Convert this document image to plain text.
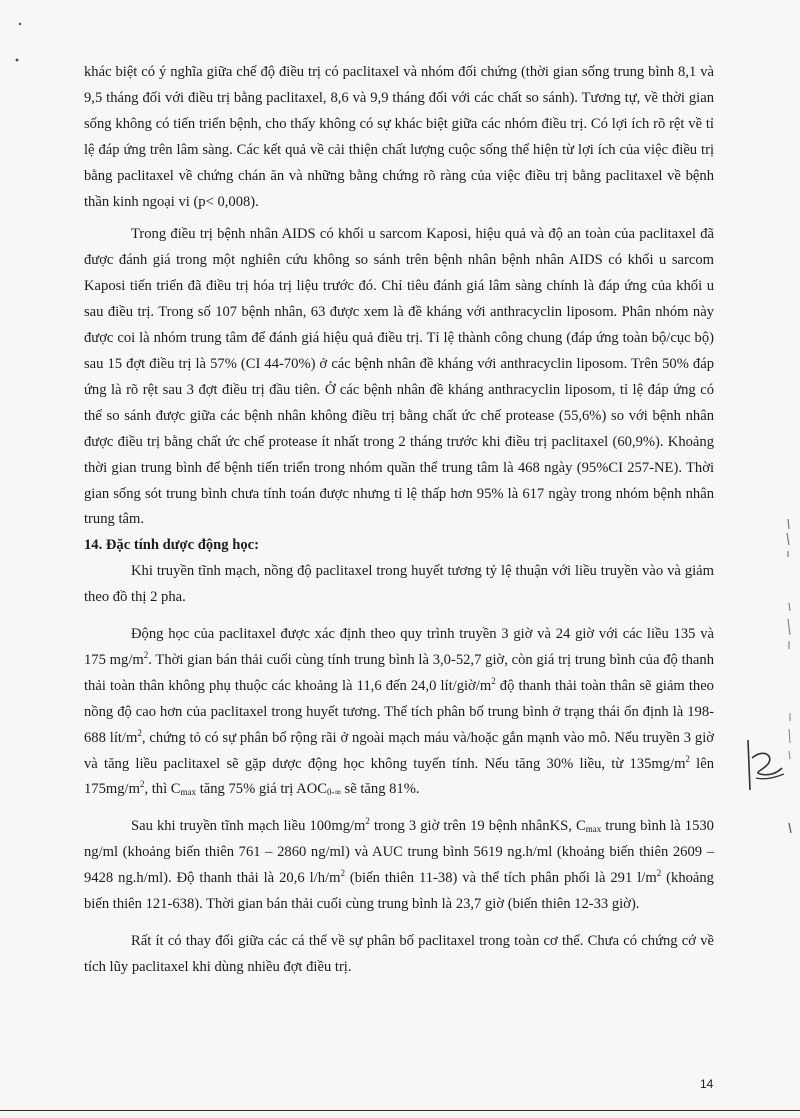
khác biệt có ý nghĩa giữa chế độ điều trị có paclitaxel và nhóm đối chứng (thời gian sống trung bình 8,1 và 9,5 tháng đối với điều trị bằng paclitaxel, 8,6 và 9,9 tháng đối với các chất so sánh). Tương tự, về thời gian sống không có tiến triển bệnh, cho thấy không có sự khác biệt giữa các nhóm điều trị. Có lợi ích rõ rệt về tỉ lệ đáp ứng trên lâm sàng. Các kết quả về cải thiện chất lượng cuộc sống thể hiện từ lợi ích của việc điều trị bằng paclitaxel về chứng chán ăn và những bằng chứng rõ ràng của việc điều trị bằng paclitaxel về bệnh thần kinh ngoại vi (p< 0,008).

Trong điều trị bệnh nhân AIDS có khối u sarcom Kaposi, hiệu quả và độ an toàn của paclitaxel đã được đánh giá trong một nghiên cứu không so sánh trên bệnh nhân bệnh nhân AIDS có khối u sarcom Kaposi tiến triển đã điều trị hóa trị liệu trước đó. Chỉ tiêu đánh giá lâm sàng chính là đáp ứng của khối u sau điều trị. Trong số 107 bệnh nhân, 63 được xem là đề kháng với anthracyclin liposom. Phân nhóm này được coi là nhóm trung tâm để đánh giá hiệu quả điều trị. Tỉ lệ thành công chung (đáp ứng toàn bộ/cục bộ) sau 15 đợt điều trị là 57% (CI 44-70%) ở các bệnh nhân đề kháng với anthracyclin liposom. Trên 50% đáp ứng là rõ rệt sau 3 đợt điều trị đầu tiên. Ở các bệnh nhân đề kháng anthracyclin liposom, tỉ lệ đáp ứng có thể so sánh được giữa các bệnh nhân không điều trị bằng chất ức chế protease (55,6%) so với bệnh nhân được điều trị bằng chất ức chế protease ít nhất trong 2 tháng trước khi điều trị paclitaxel (60,9%). Khoảng thời gian trung bình để bệnh tiến triển trong nhóm quần thể trung tâm là 468 ngày (95%CI 257-NE). Thời gian sống sót trung bình chưa tính toán được nhưng tỉ lệ thấp hơn 95% là 617 ngày trong nhóm bệnh nhân trung tâm.

14. Đặc tính dược động học:

Khi truyền tĩnh mạch, nồng độ paclitaxel trong huyết tương tỷ lệ thuận với liều truyền vào và giảm theo đồ thị 2 pha.

Động học của paclitaxel được xác định theo quy trình truyền 3 giờ và 24 giờ với các liều 135 và 175 $mg/m^2$. Thời gian bán thải cuối cùng tính trung bình là 3,0-52,7 giờ, còn giá trị trung bình của độ thanh thải toàn thân không phụ thuộc các khoảng là 11,6 đến 24,0 lít/$giờ/m^2$ độ thanh thải toàn thân sẽ giảm theo nồng độ cao hơn của paclitaxel trong huyết tương. Thể tích phân bố trung bình ở trạng thái ổn định là 198-688 lít/$m^2$, chứng tỏ có sự phân bố rộng rãi ở ngoài mạch máu và/hoặc gắn mạnh vào mô. Nếu truyền 3 giờ và tăng liều paclitaxel sẽ gặp dược động học không tuyến tính. Nếu tăng 30% liều, từ $135mg/m^2$ lên $175mg/m^2$, thì $C_{max}$ tăng 75% giá trị $AOC_{0-\infty}$ sẽ tăng 81%.

Sau khi truyền tĩnh mạch liều $100mg/m^2$ trong 3 giờ trên 19 bệnh nhânKS, $C_{max}$ trung bình là 1530 ng/ml (khoảng biến thiên 761 – 2860 ng/ml) và AUC trung bình 5619 ng.h/ml (khoảng biến thiên 2609 – 9428 ng.h/ml). Độ thanh thải là 20,6 $l/h/m^2$ (biến thiên 11-38) và thể tích phân phối là 291 $l/m^2$ (khoảng biến thiên 121-638). Thời gian bán thải cuối cùng trung bình là 23,7 giờ (biến thiên 12-33 giờ).

Rất ít có thay đổi giữa các cá thể về sự phân bố paclitaxel trong toàn cơ thể. Chưa có chứng cớ về tích lũy paclitaxel khi dùng nhiều đợt điều trị.

14
